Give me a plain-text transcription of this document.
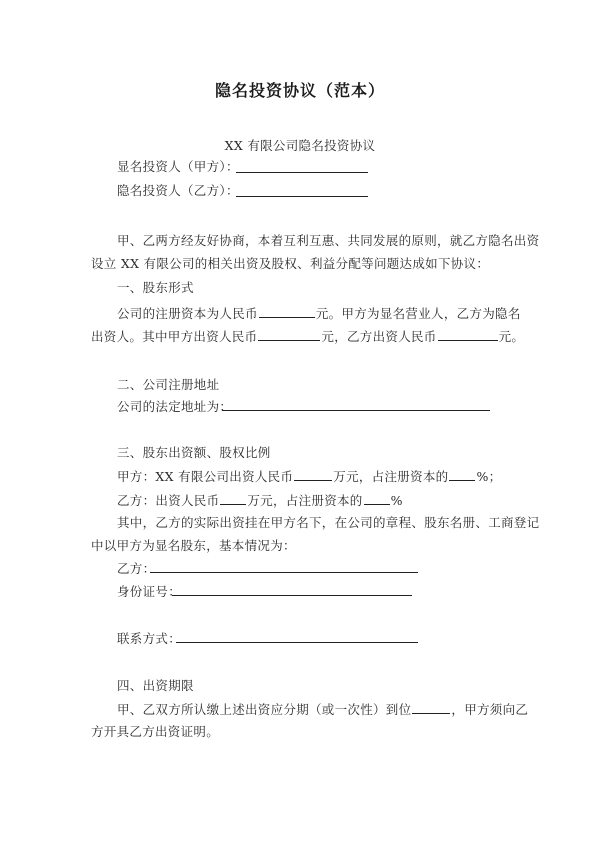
隐名投资协议（范本）
XX 有限公司隐名投资协议
显名投资人（甲方）：
隐名投资人（乙方）：
甲、乙两方经友好协商，本着互利互惠、共同发展的原则，就乙方隐名出资
设立 XX 有限公司的相关出资及股权、利益分配等问题达成如下协议：
一、股东形式
公司的注册资本为人民币	元。甲方为显名营业人，乙方为隐名
出资人。其中甲方出资人民币	元，乙方出资人民币	元。
二、公司注册地址
公司的法定地址为：
三、股东出资额、股权比例
甲方：XX 有限公司出资人民币	万元，占注册资本的 %；
乙方：出资人民币 万元，占注册资本的 %
其中，乙方的实际出资挂在甲方名下，在公司的章程、股东名册、工商登记
中以甲方为显名股东，基本情况为：
乙方：
身份证号：
联系方式：
四、出资期限
甲、乙双方所认缴上述出资应分期（或一次性）到位	，甲方须向乙
方开具乙方出资证明。
